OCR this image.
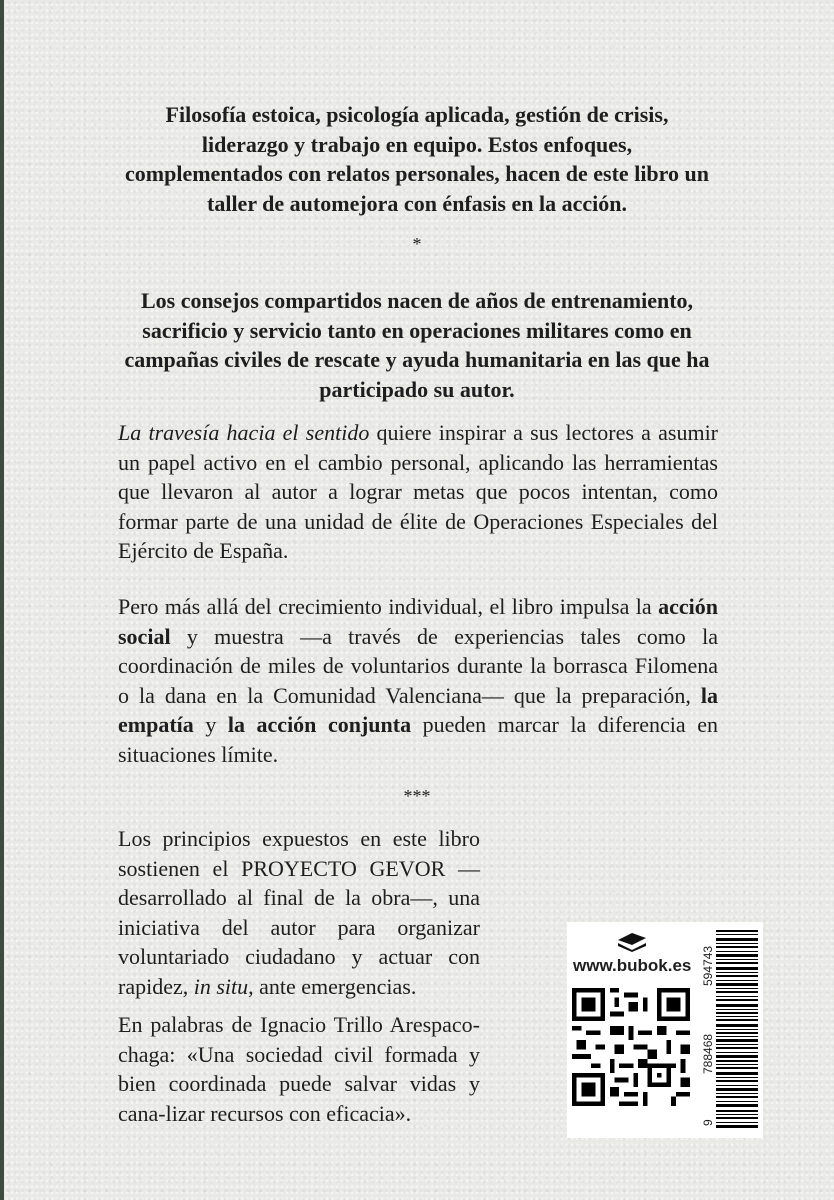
Filosofía estoica, psicología aplicada, gestión de crisis,
liderazgo y trabajo en equipo. Estos enfoques,
complementados con relatos personales, hacen de este libro un
taller de automejora con énfasis en la acción.
*
Los consejos compartidos nacen de años de entrenamiento,
sacrificio y servicio tanto en operaciones militares como en
campañas civiles de rescate y ayuda humanitaria en las que ha
participado su autor.
La travesía hacia el sentido quiere inspirar a sus lectores a asumir un papel activo en el cambio personal, aplicando las herramientas que llevaron al autor a lograr metas que pocos intentan, como formar parte de una unidad de élite de Operaciones Especiales del Ejército de España.
Pero más allá del crecimiento individual, el libro impulsa la acción social y muestra —a través de experiencias tales como la coordinación de miles de voluntarios durante la borrasca Filomena o la dana en la Comunidad Valenciana— que la preparación, la empatía y la acción conjunta pueden marcar la diferencia en situaciones límite.
***
Los principios expuestos en este libro sostienen el PROYECTO GEVOR —desarrollado al final de la obra—, una iniciativa del autor para organizar voluntariado ciudadano y actuar con rapidez, in situ, ante emergencias.
En palabras de Ignacio Trillo Arespaco-chaga: «Una sociedad civil formada y bien coordinada puede salvar vidas y cana-lizar recursos con eficacia».
www.bubok.es
9
788468
594743
